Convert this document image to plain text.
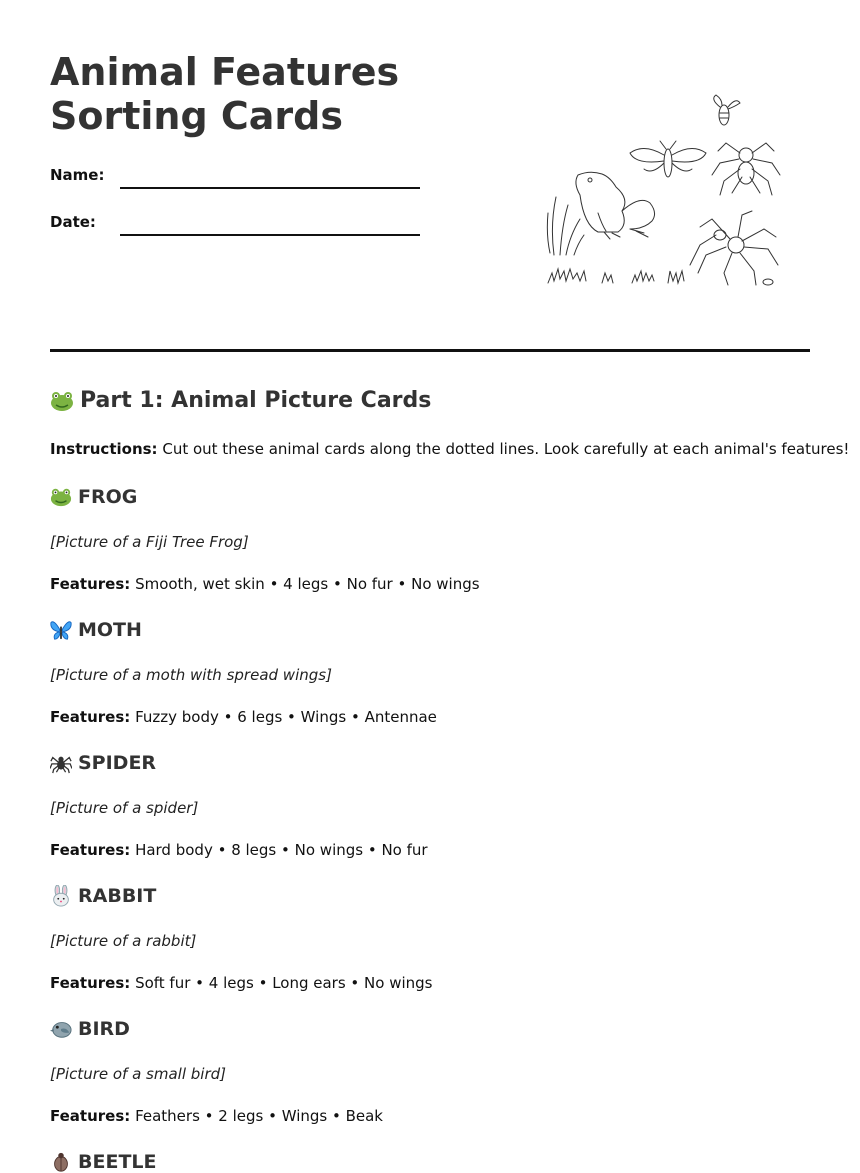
Animal Features Sorting Cards
Name:
Date:
Part 1: Animal Picture Cards
Instructions: Cut out these animal cards along the dotted lines. Look carefully at each animal's features!
FROG
[Picture of a Fiji Tree Frog]
Features: Smooth, wet skin • 4 legs • No fur • No wings
MOTH
[Picture of a moth with spread wings]
Features: Fuzzy body • 6 legs • Wings • Antennae
SPIDER
[Picture of a spider]
Features: Hard body • 8 legs • No wings • No fur
RABBIT
[Picture of a rabbit]
Features: Soft fur • 4 legs • Long ears • No wings
BIRD
[Picture of a small bird]
Features: Feathers • 2 legs • Wings • Beak
BEETLE
